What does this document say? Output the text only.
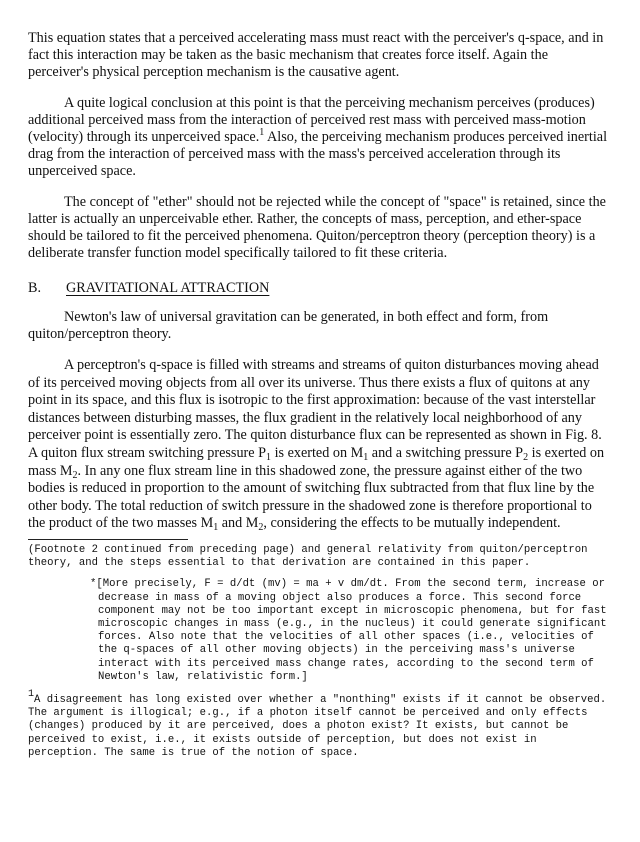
This equation states that a perceived accelerating mass must react with the perceiver's q-space, and in fact this interaction may be taken as the basic mechanism that creates force itself. Again the perceiver's physical perception mechanism is the causative agent.

A quite logical conclusion at this point is that the perceiving mechanism perceives (produces) additional perceived mass from the interaction of perceived rest mass with perceived mass-motion (velocity) through its unperceived space.$^1$ Also, the perceiving mechanism produces perceived inertial drag from the interaction of perceived mass with the mass's perceived acceleration through its unperceived space.

The concept of "ether" should not be rejected while the concept of "space" is retained, since the latter is actually an unperceivable ether. Rather, the concepts of mass, perception, and ether-space should be tailored to fit the perceived phenomena. Quiton/perceptron theory (perception theory) is a deliberate transfer function model specifically tailored to fit these criteria.

B.	GRAVITATIONAL ATTRACTION

Newton's law of universal gravitation can be generated, in both effect and form, from quiton/perceptron theory.

A perceptron's q-space is filled with streams and streams of quiton disturbances moving ahead of its perceived moving objects from all over its universe. Thus there exists a flux of quitons at any point in its space, and this flux is isotropic to the first approximation: because of the vast interstellar distances between disturbing masses, the flux gradient in the relatively local neighborhood of any perceiver point is essentially zero. The quiton disturbance flux can be represented as shown in Fig. 8. A quiton flux stream switching pressure $P_1$ is exerted on $M_1$ and a switching pressure $P_2$ is exerted on mass $M_2$. In any one flux stream line in this shadowed zone, the pressure against either of the two bodies is reduced in proportion to the amount of switching flux subtracted from that flux line by the other body. The total reduction of switch pressure in the shadowed zone is therefore proportional to the product of the two masses $M_1$ and $M_2$, considering the effects to be mutually independent.

(Footnote 2 continued from preceding page) and general relativity from quiton/perceptron theory, and the steps essential to that derivation are contained in this paper.

*[More precisely, F = d/dt (mv) = ma + v dm/dt. From the second term, increase or decrease in mass of a moving object also produces a force. This second force component may not be too important except in microscopic phenomena, but for fast microscopic changes in mass (e.g., in the nucleus) it could generate significant forces. Also note that the velocities of all other spaces (i.e., velocities of the q-spaces of all other moving objects) in the perceiving mass's universe interact with its perceived mass change rates, according to the second term of Newton's law, relativistic form.]

$^1$A disagreement has long existed over whether a "nonthing" exists if it cannot be observed. The argument is illogical; e.g., if a photon itself cannot be perceived and only effects (changes) produced by it are perceived, does a photon exist? It exists, but cannot be perceived to exist, i.e., it exists outside of perception, but does not exist in perception. The same is true of the notion of space.
